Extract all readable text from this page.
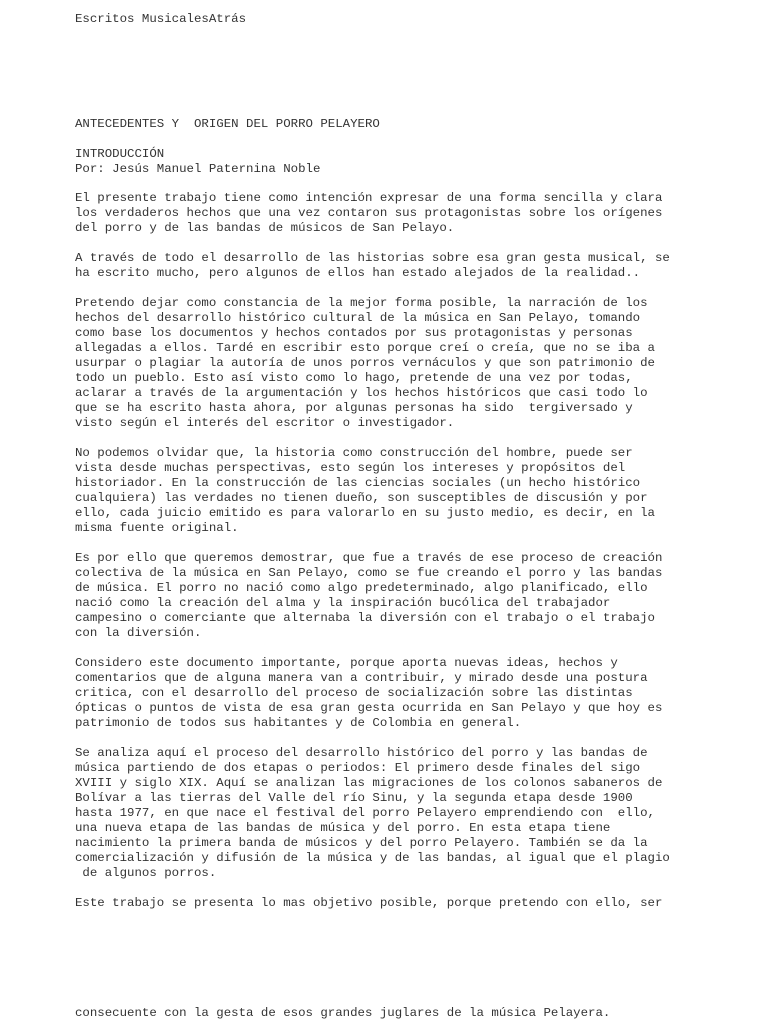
Escritos MusicalesAtrás

ANTECEDENTES Y  ORIGEN DEL PORRO PELAYERO

Por: Jesús Manuel Paternina Noble

INTRODUCCIÓN

El presente trabajo tiene como intención expresar de una forma sencilla y clara

los verdaderos hechos que una vez contaron sus protagonistas sobre los orígenes

del porro y de las bandas de músicos de San Pelayo.

A través de todo el desarrollo de las historias sobre esa gran gesta musical, se

ha escrito mucho, pero algunos de ellos han estado alejados de la realidad..

Pretendo dejar como constancia de la mejor forma posible, la narración de los

hechos del desarrollo histórico cultural de la música en San Pelayo, tomando

como base los documentos y hechos contados por sus protagonistas y personas

allegadas a ellos. Tardé en escribir esto porque creí o creía, que no se iba a

usurpar o plagiar la autoría de unos porros vernáculos y que son patrimonio de

todo un pueblo. Esto así visto como lo hago, pretende de una vez por todas,

aclarar a través de la argumentación y los hechos históricos que casi todo lo

que se ha escrito hasta ahora, por algunas personas ha sido  tergiversado y

visto según el interés del escritor o investigador.

No podemos olvidar que, la historia como construcción del hombre, puede ser

vista desde muchas perspectivas, esto según los intereses y propósitos del

historiador. En la construcción de las ciencias sociales (un hecho histórico

cualquiera) las verdades no tienen dueño, son susceptibles de discusión y por

ello, cada juicio emitido es para valorarlo en su justo medio, es decir, en la

misma fuente original.

Es por ello que queremos demostrar, que fue a través de ese proceso de creación

colectiva de la música en San Pelayo, como se fue creando el porro y las bandas

de música. El porro no nació como algo predeterminado, algo planificado, ello

nació como la creación del alma y la inspiración bucólica del trabajador

campesino o comerciante que alternaba la diversión con el trabajo o el trabajo

con la diversión.

Considero este documento importante, porque aporta nuevas ideas, hechos y

comentarios que de alguna manera van a contribuir, y mirado desde una postura

critica, con el desarrollo del proceso de socialización sobre las distintas

ópticas o puntos de vista de esa gran gesta ocurrida en San Pelayo y que hoy es

patrimonio de todos sus habitantes y de Colombia en general.

Se analiza aquí el proceso del desarrollo histórico del porro y las bandas de

música partiendo de dos etapas o periodos: El primero desde finales del sigo

XVIII y siglo XIX. Aquí se analizan las migraciones de los colonos sabaneros de

Bolívar a las tierras del Valle del río Sinu, y la segunda etapa desde 1900

hasta 1977, en que nace el festival del porro Pelayero emprendiendo con  ello,

una nueva etapa de las bandas de música y del porro. En esta etapa tiene

nacimiento la primera banda de músicos y del porro Pelayero. También se da la

comercialización y difusión de la música y de las bandas, al igual que el plagio

de algunos porros.

Este trabajo se presenta lo mas objetivo posible, porque pretendo con ello, ser

consecuente con la gesta de esos grandes juglares de la música Pelayera.
